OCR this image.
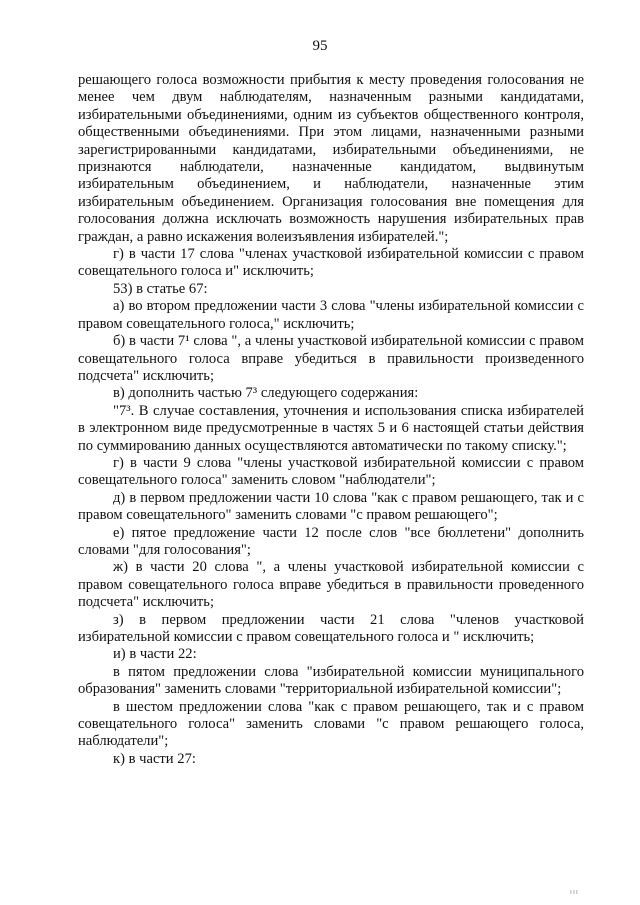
95

решающего голоса возможности прибытия к месту проведения голосования не менее чем двум наблюдателям, назначенным разными кандидатами, избирательными объединениями, одним из субъектов общественного контроля, общественными объединениями. При этом лицами, назначенными разными зарегистрированными кандидатами, избирательными объединениями, не признаются наблюдатели, назначенные кандидатом, выдвинутым избирательным объединением, и наблюдатели, назначенные этим избирательным объединением. Организация голосования вне помещения для голосования должна исключать возможность нарушения избирательных прав граждан, а равно искажения волеизъявления избирателей.";

г) в части 17 слова "членах участковой избирательной комиссии с правом совещательного голоса и" исключить;

53) в статье 67:

а) во втором предложении части 3 слова "члены избирательной комиссии с правом совещательного голоса," исключить;

б) в части 7¹ слова ", а члены участковой избирательной комиссии с правом совещательного голоса вправе убедиться в правильности произведенного подсчета" исключить;

в) дополнить частью 7³ следующего содержания:

"7³. В случае составления, уточнения и использования списка избирателей в электронном виде предусмотренные в частях 5 и 6 настоящей статьи действия по суммированию данных осуществляются автоматически по такому списку.";

г) в части 9 слова "члены участковой избирательной комиссии с правом совещательного голоса" заменить словом "наблюдатели";

д) в первом предложении части 10 слова "как с правом решающего, так и с правом совещательного" заменить словами "с правом решающего";

е) пятое предложение части 12 после слов "все бюллетени" дополнить словами "для голосования";

ж) в части 20 слова ", а члены участковой избирательной комиссии с правом совещательного голоса вправе убедиться в правильности проведенного подсчета" исключить;

з) в первом предложении части 21 слова "членов участковой избирательной комиссии с правом совещательного голоса и " исключить;

и) в части 22:

в пятом предложении слова "избирательной комиссии муниципального образования" заменить словами "территориальной избирательной комиссии";

в шестом предложении слова "как с правом решающего, так и с правом совещательного голоса" заменить словами "с правом решающего голоса, наблюдатели";

к) в части 27:

ııı
